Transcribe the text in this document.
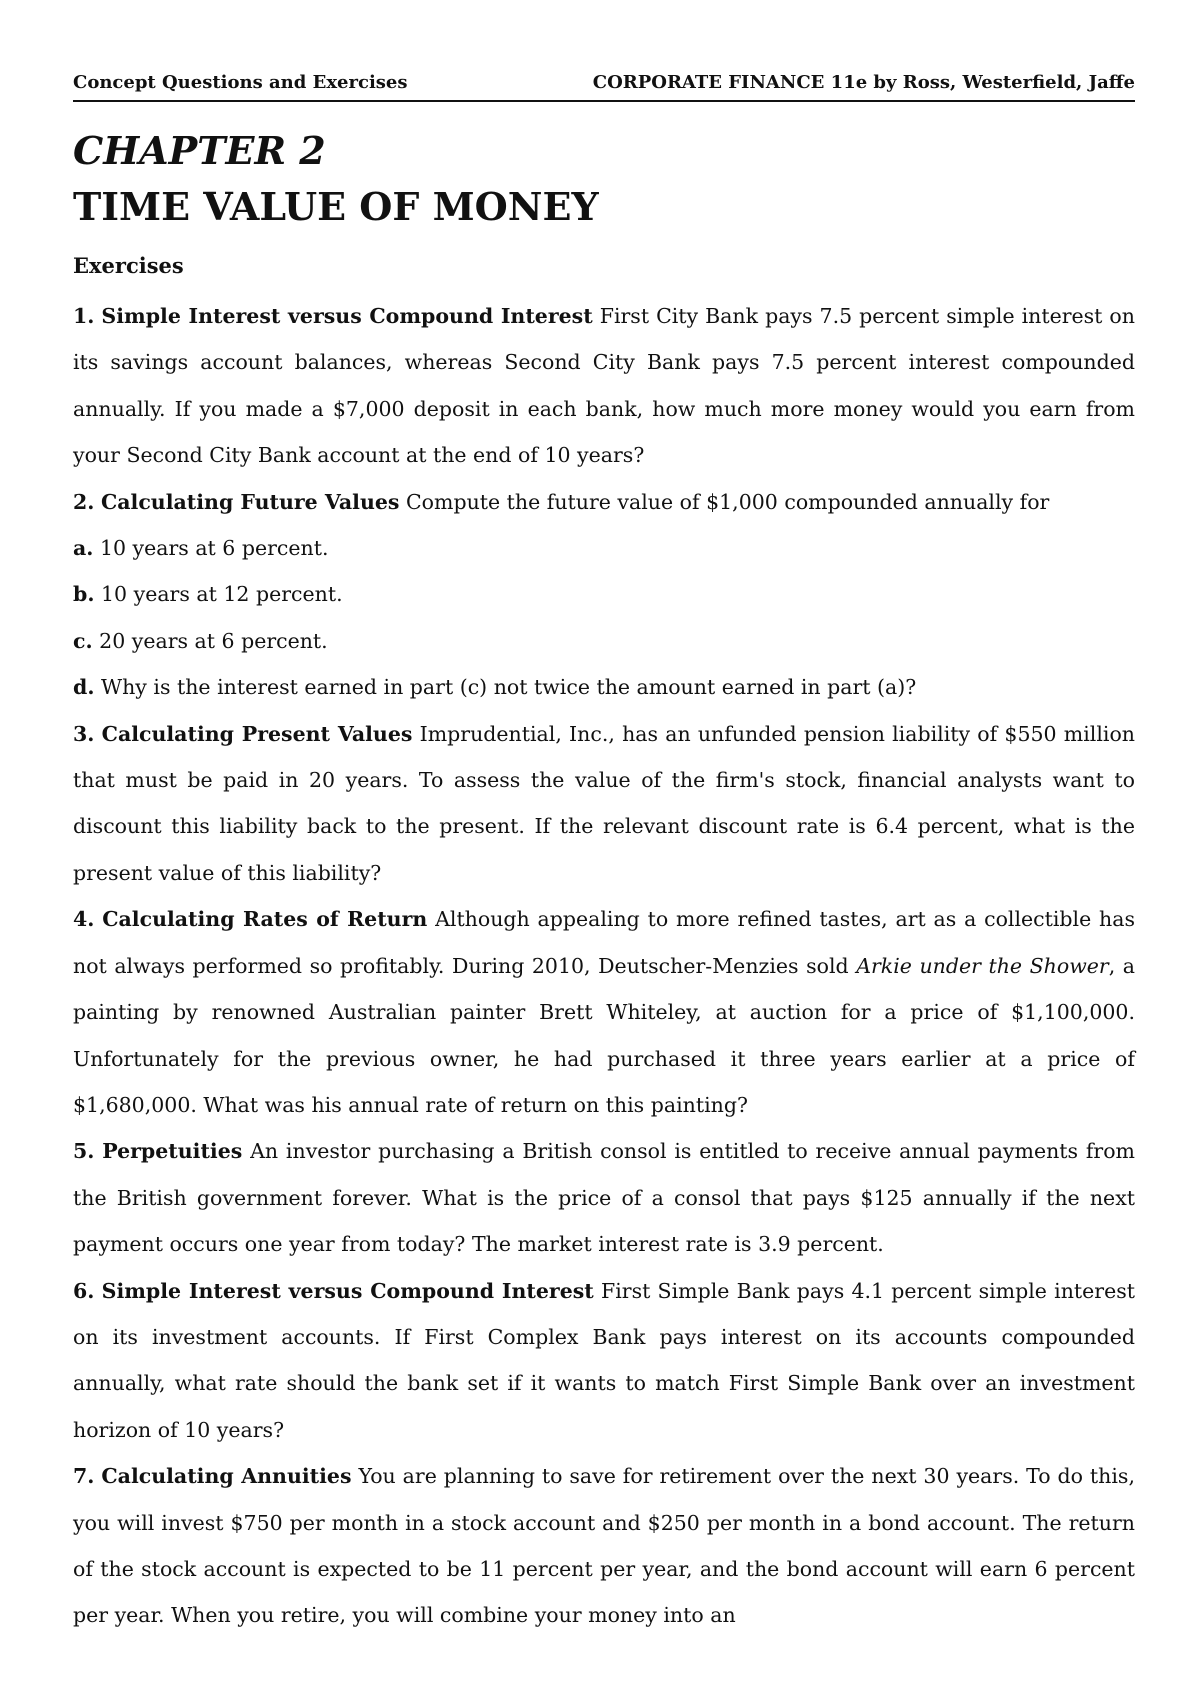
Concept Questions and Exercises	CORPORATE FINANCE 11e by Ross, Westerfield, Jaffe
CHAPTER 2
TIME VALUE OF MONEY
Exercises

1. Simple Interest versus Compound Interest First City Bank pays 7.5 percent simple interest on its savings account balances, whereas Second City Bank pays 7.5 percent interest compounded annually. If you made a $7,000 deposit in each bank, how much more money would you earn from your Second City Bank account at the end of 10 years?

2. Calculating Future Values Compute the future value of $1,000 compounded annually for

a. 10 years at 6 percent.

b. 10 years at 12 percent.

c. 20 years at 6 percent.

d. Why is the interest earned in part (c) not twice the amount earned in part (a)?

3. Calculating Present Values Imprudential, Inc., has an unfunded pension liability of $550 million that must be paid in 20 years. To assess the value of the firm's stock, financial analysts want to discount this liability back to the present. If the relevant discount rate is 6.4 percent, what is the present value of this liability?

4. Calculating Rates of Return Although appealing to more refined tastes, art as a collectible has not always performed so profitably. During 2010, Deutscher-Menzies sold Arkie under the Shower, a painting by renowned Australian painter Brett Whiteley, at auction for a price of $1,100,000. Unfortunately for the previous owner, he had purchased it three years earlier at a price of $1,680,000. What was his annual rate of return on this painting?

5. Perpetuities An investor purchasing a British consol is entitled to receive annual payments from the British government forever. What is the price of a consol that pays $125 annually if the next payment occurs one year from today? The market interest rate is 3.9 percent.

6. Simple Interest versus Compound Interest First Simple Bank pays 4.1 percent simple interest on its investment accounts. If First Complex Bank pays interest on its accounts compounded annually, what rate should the bank set if it wants to match First Simple Bank over an investment horizon of 10 years?

7. Calculating Annuities You are planning to save for retirement over the next 30 years. To do this, you will invest $750 per month in a stock account and $250 per month in a bond account. The return of the stock account is expected to be 11 percent per year, and the bond account will earn 6 percent per year. When you retire, you will combine your money into an
